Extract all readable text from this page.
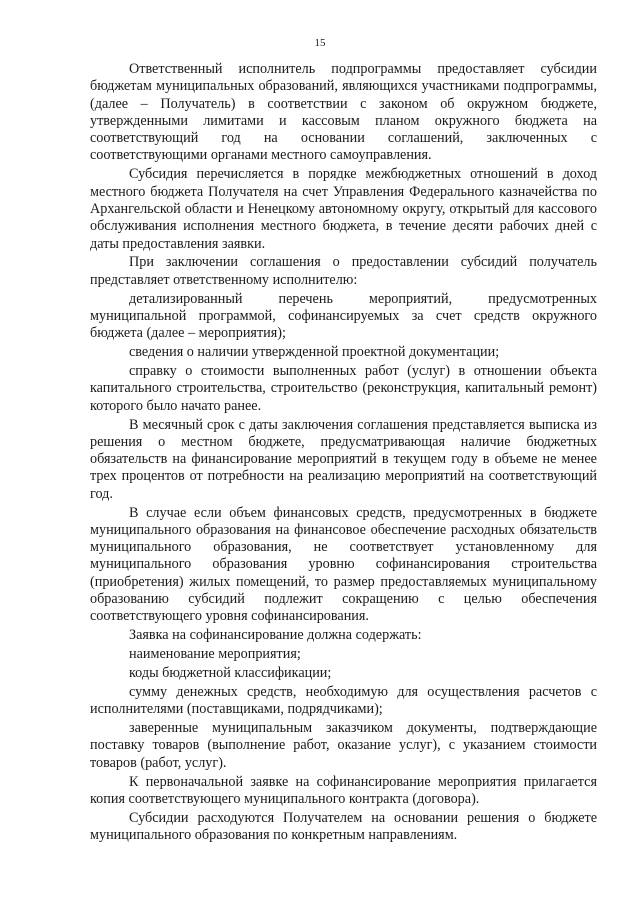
15

Ответственный исполнитель подпрограммы предоставляет субсидии бюджетам муниципальных образований, являющихся участниками подпрограммы, (далее – Получатель) в соответствии с законом об окружном бюджете, утвержденными лимитами и кассовым планом окружного бюджета на соответствующий год на основании соглашений, заключенных с соответствующими органами местного самоуправления.

Субсидия перечисляется в порядке межбюджетных отношений в доход местного бюджета Получателя на счет Управления Федерального казначейства по Архангельской области и Ненецкому автономному округу, открытый для кассового обслуживания исполнения местного бюджета, в течение десяти рабочих дней с даты предоставления заявки.

При заключении соглашения о предоставлении субсидий получатель представляет ответственному исполнителю:

детализированный перечень мероприятий, предусмотренных муниципальной программой, софинансируемых за счет средств окружного бюджета (далее – мероприятия);

сведения о наличии утвержденной проектной документации;

справку о стоимости выполненных работ (услуг) в отношении объекта капитального строительства, строительство (реконструкция, капитальный ремонт) которого было начато ранее.

В месячный срок с даты заключения соглашения представляется выписка из решения о местном бюджете, предусматривающая наличие бюджетных обязательств на финансирование мероприятий в текущем году в объеме не менее трех процентов от потребности на реализацию мероприятий на соответствующий год.

В случае если объем финансовых средств, предусмотренных в бюджете муниципального образования на финансовое обеспечение расходных обязательств муниципального образования, не соответствует установленному для муниципального образования уровню софинансирования строительства (приобретения) жилых помещений, то размер предоставляемых муниципальному образованию субсидий подлежит сокращению с целью обеспечения соответствующего уровня софинансирования.

Заявка на софинансирование должна содержать:

наименование мероприятия;

коды бюджетной классификации;

сумму денежных средств, необходимую для осуществления расчетов с исполнителями (поставщиками, подрядчиками);

заверенные муниципальным заказчиком документы, подтверждающие поставку товаров (выполнение работ, оказание услуг), с указанием стоимости товаров (работ, услуг).

К первоначальной заявке на софинансирование мероприятия прилагается копия соответствующего муниципального контракта (договора).

Субсидии расходуются Получателем на основании решения о бюджете муниципального образования по конкретным направлениям.
